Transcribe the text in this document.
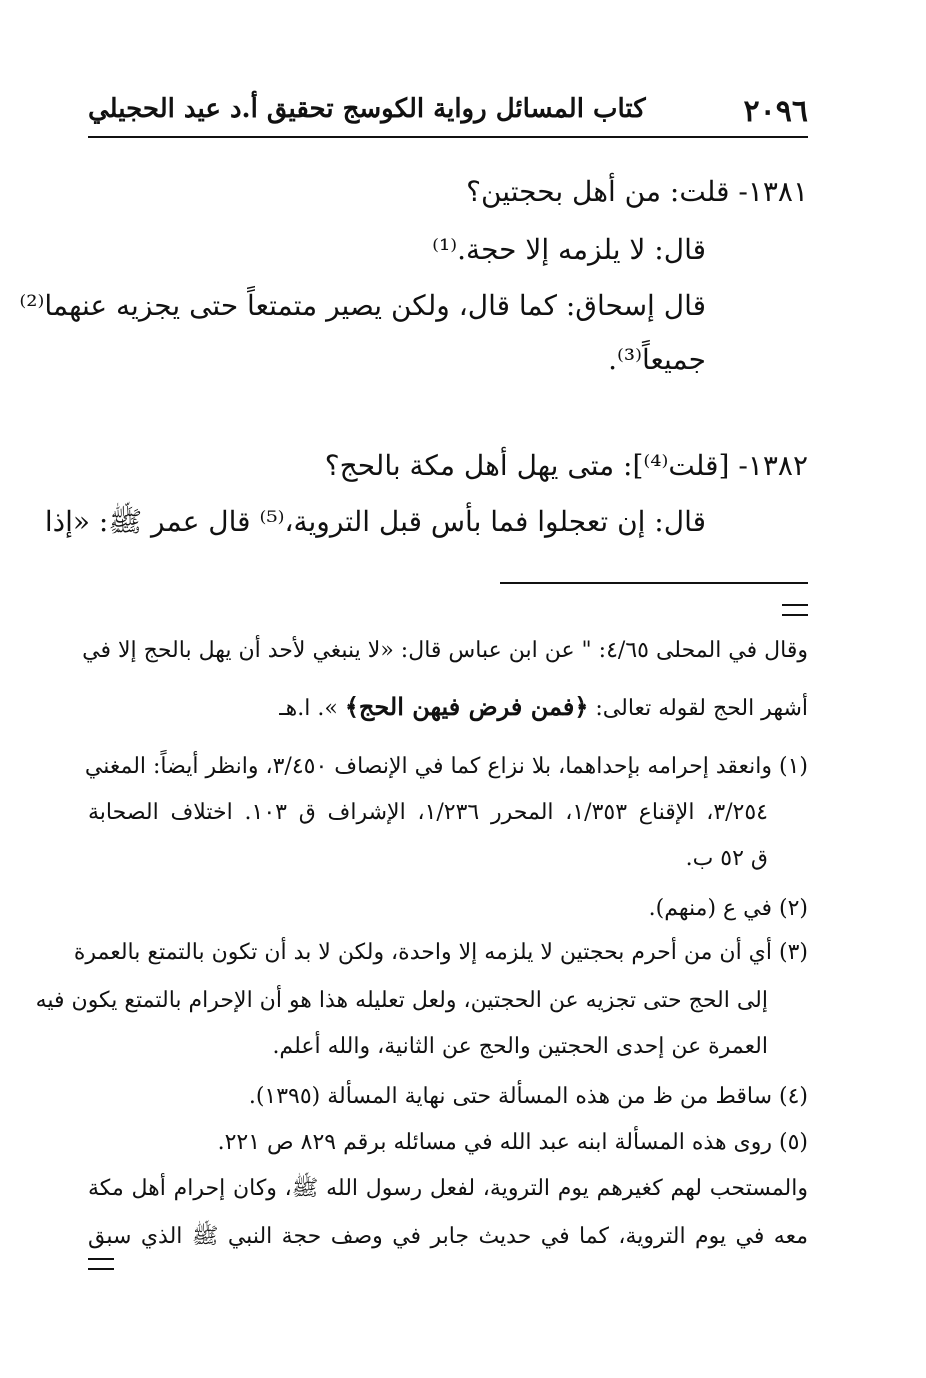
٢٠٩٦
كتاب المسائل رواية الكوسج تحقيق أ.د عيد الحجيلي
١٣٨١- قلت: من أهل بحجتين؟
قال: لا يلزمه إلا حجة.⁽¹⁾
قال إسحاق: كما قال، ولكن يصير متمتعاً حتى يجزيه عنهما⁽²⁾
جميعاً⁽³⁾.
١٣٨٢- [قلت⁽⁴⁾]: متى يهل أهل مكة بالحج؟
قال: إن تعجلوا فما بأس قبل التروية،⁽⁵⁾ قال عمر ﷺ: «إذا
وقال في المحلى ٤/٦٥: " عن ابن عباس قال: «لا ينبغي لأحد أن يهل بالحج إلا في
أشهر الحج لقوله تعالى: ﴿فمن فرض فيهن الحج﴾ ». ا.هـ
(١) وانعقد إحرامه بإحداهما، بلا نزاع كما في الإنصاف ٣/٤٥٠، وانظر أيضاً: المغني
٣/٢٥٤، الإقناع ١/٣٥٣، المحرر ١/٢٣٦، الإشراف ق ١٠٣. اختلاف الصحابة
ق ٥٢ ب.
(٢) في ع (منهم).
(٣) أي أن من أحرم بحجتين لا يلزمه إلا واحدة، ولكن لا بد أن تكون بالتمتع بالعمرة
إلى الحج حتى تجزيه عن الحجتين، ولعل تعليله هذا هو أن الإحرام بالتمتع يكون فيه
العمرة عن إحدى الحجتين والحج عن الثانية، والله أعلم.
(٤) ساقط من ظ من هذه المسألة حتى نهاية المسألة (١٣٩٥).
(٥) روى هذه المسألة ابنه عبد الله في مسائله برقم ٨٢٩ ص ٢٢١.
والمستحب لهم كغيرهم يوم التروية، لفعل رسول الله ﷺ، وكان إحرام أهل مكة
معه في يوم التروية، كما في حديث جابر في وصف حجة النبي ﷺ الذي سبق
